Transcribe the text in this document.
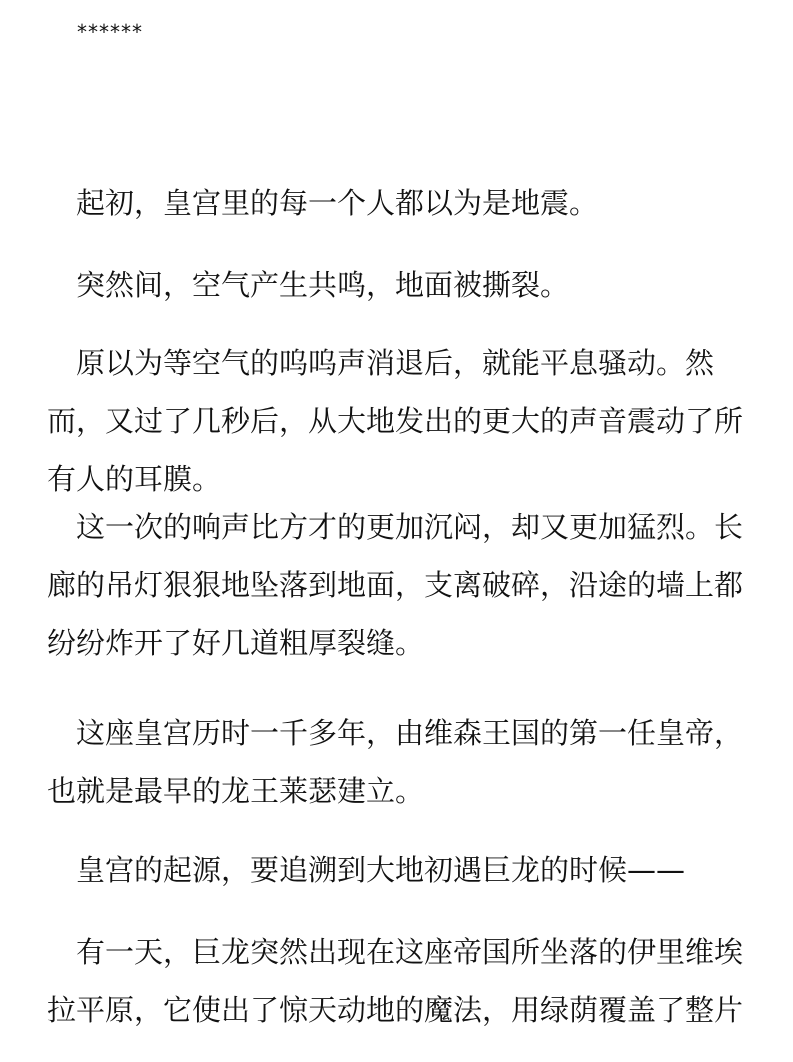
******

起初，皇宫里的每一个人都以为是地震。

突然间，空气产生共鸣，地面被撕裂。

原以为等空气的呜呜声消退后，就能平息骚动。然而，又过了几秒后，从大地发出的更大的声音震动了所有人的耳膜。

这一次的响声比方才的更加沉闷，却又更加猛烈。长廊的吊灯狠狠地坠落到地面，支离破碎，沿途的墙上都纷纷炸开了好几道粗厚裂缝。

这座皇宫历时一千多年，由维森王国的第一任皇帝，也就是最早的龙王莱瑟建立。

皇宫的起源，要追溯到大地初遇巨龙的时候——

有一天，巨龙突然出现在这座帝国所坐落的伊里维埃拉平原，它使出了惊天动地的魔法，用绿荫覆盖了整片
